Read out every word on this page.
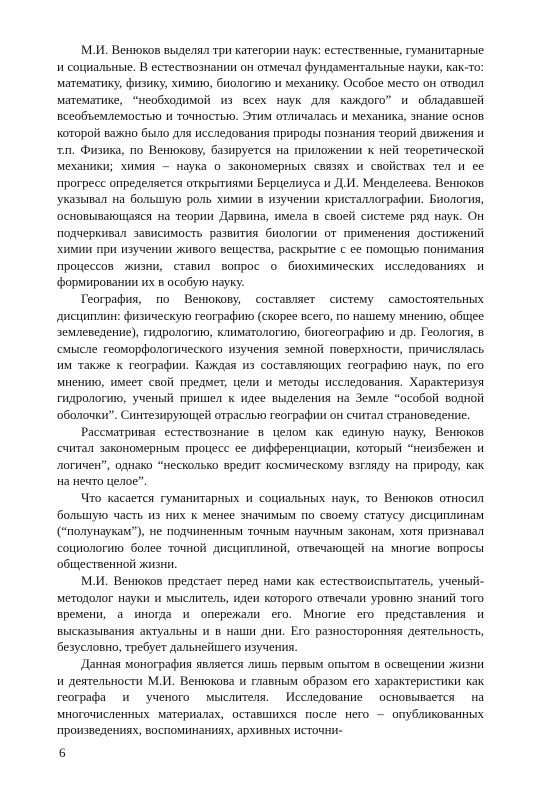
М.И. Венюков выделял три категории наук: естественные, гуманитарные и социальные. В естествознании он отмечал фундаментальные науки, как-то: математику, физику, химию, биологию и механику. Особое место он отводил математике, “необходимой из всех наук для каждого” и обладавшей всеобъемлемостью и точностью. Этим отличалась и механика, знание основ которой важно было для исследования природы познания теорий движения и т.п. Физика, по Венюкову, базируется на приложении к ней теоретической механики; химия – наука о закономерных связях и свойствах тел и ее прогресс определяется открытиями Берцелиуса и Д.И. Менделеева. Венюков указывал на большую роль химии в изучении кристаллографии. Биология, основывающаяся на теории Дарвина, имела в своей системе ряд наук. Он подчеркивал зависимость развития биологии от применения достижений химии при изучении живого вещества, раскрытие с ее помощью понимания процессов жизни, ставил вопрос о биохимических исследованиях и формировании их в особую науку.

География, по Венюкову, составляет систему самостоятельных дисциплин: физическую географию (скорее всего, по нашему мнению, общее землеведение), гидрологию, климатологию, биогеографию и др. Геология, в смысле геоморфологического изучения земной поверхности, причислялась им также к географии. Каждая из составляющих географию наук, по его мнению, имеет свой предмет, цели и методы исследования. Характеризуя гидрологию, ученый пришел к идее выделения на Земле “особой водной оболочки”. Синтезирующей отраслью географии он считал страноведение.

Рассматривая естествознание в целом как единую науку, Венюков считал закономерным процесс ее дифференциации, который “неизбежен и логичен”, однако “несколько вредит космическому взгляду на природу, как на нечто целое”.

Что касается гуманитарных и социальных наук, то Венюков относил большую часть из них к менее значимым по своему статусу дисциплинам (“полунаукам”), не подчиненным точным научным законам, хотя признавал социологию более точной дисциплиной, отвечающей на многие вопросы общественной жизни.

М.И. Венюков предстает перед нами как естествоиспытатель, ученый-методолог науки и мыслитель, идеи которого отвечали уровню знаний того времени, а иногда и опережали его. Многие его представления и высказывания актуальны и в наши дни. Его разносторонняя деятельность, безусловно, требует дальнейшего изучения.

Данная монография является лишь первым опытом в освещении жизни и деятельности М.И. Венюкова и главным образом его характеристики как географа и ученого мыслителя. Исследование основывается на многочисленных материалах, оставшихся после него – опубликованных произведениях, воспоминаниях, архивных источни-

6
